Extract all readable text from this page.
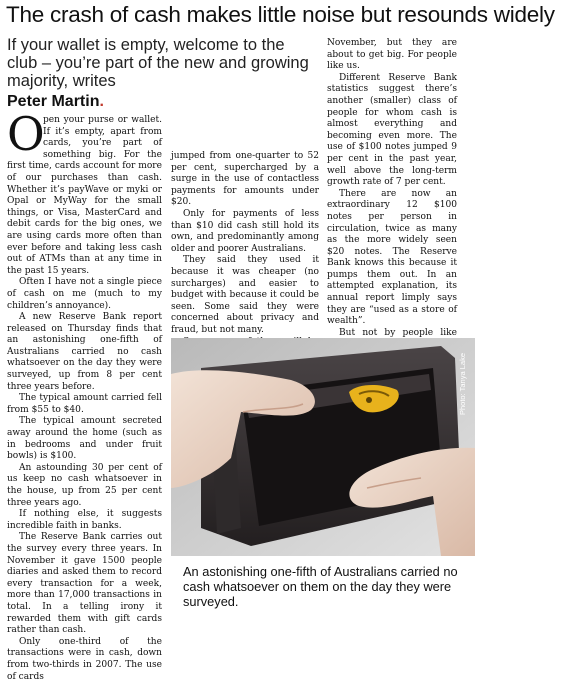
The crash of cash makes little noise but resounds widely
If your wallet is empty, welcome to the club – you’re part of the new and growing majority, writes
Peter Martin.

O
pen your purse or wallet. If it’s empty, apart from cards, you’re part of something big. For the first time, cards account for more of our purchases than cash. Whether it’s payWave or myki or Opal or MyWay for the small things, or Visa, MasterCard and debit cards for the big ones, we are using cards more often than ever before and taking less cash out of ATMs than at any time in the past 15 years.

Often I have not a single piece of cash on me (much to my children’s annoyance).

A new Reserve Bank report released on Thursday finds that an astonishing one-fifth of Australians carried no cash whatsoever on the day they were surveyed, up from 8 per cent three years before.

The typical amount carried fell from $55 to $40.

The typical amount secreted away around the home (such as in bedrooms and under fruit bowls) is $100.

An astounding 30 per cent of us keep no cash whatsoever in the house, up from 25 per cent three years ago.

If nothing else, it suggests incredible faith in banks.

The Reserve Bank carries out the survey every three years. In November it gave 1500 people diaries and asked them to record every transaction for a week, more than 17,000 transactions in total. In a telling irony it rewarded them with gift cards rather than cash.

Only one-third of the transactions were in cash, down from two-thirds in 2007. The use of cards

jumped from one-quarter to 52 per cent, supercharged by a surge in the use of contactless payments for amounts under $20.

Only for payments of less than $10 did cash still hold its own, and predominantly among older and poorer Australians.

They said they used it because it was cheaper (no surcharges) and easier to budget with because it could be seen. Some said they were concerned about privacy and fraud, but not many.

November, but they are about to get big. For people like us.

Different Reserve Bank statistics suggest there’s another (smaller) class of people for whom cash is almost everything and becoming even more. The use of $100 notes jumped 9 per cent in the past year, well above the long-term growth rate of 7 per cent.

There are now an extraordinary 12 $100 notes per person in circulation, twice as many as the more widely seen $20 notes. The Reserve Bank knows this because it pumps them out. In an attempted explanation, its annual report limply says they are “used as a store of wealth”.

But not by people like

Photo: Tanya Lake
An astonishing one-fifth of Australians carried no cash whatsoever on them on the day they were surveyed.
